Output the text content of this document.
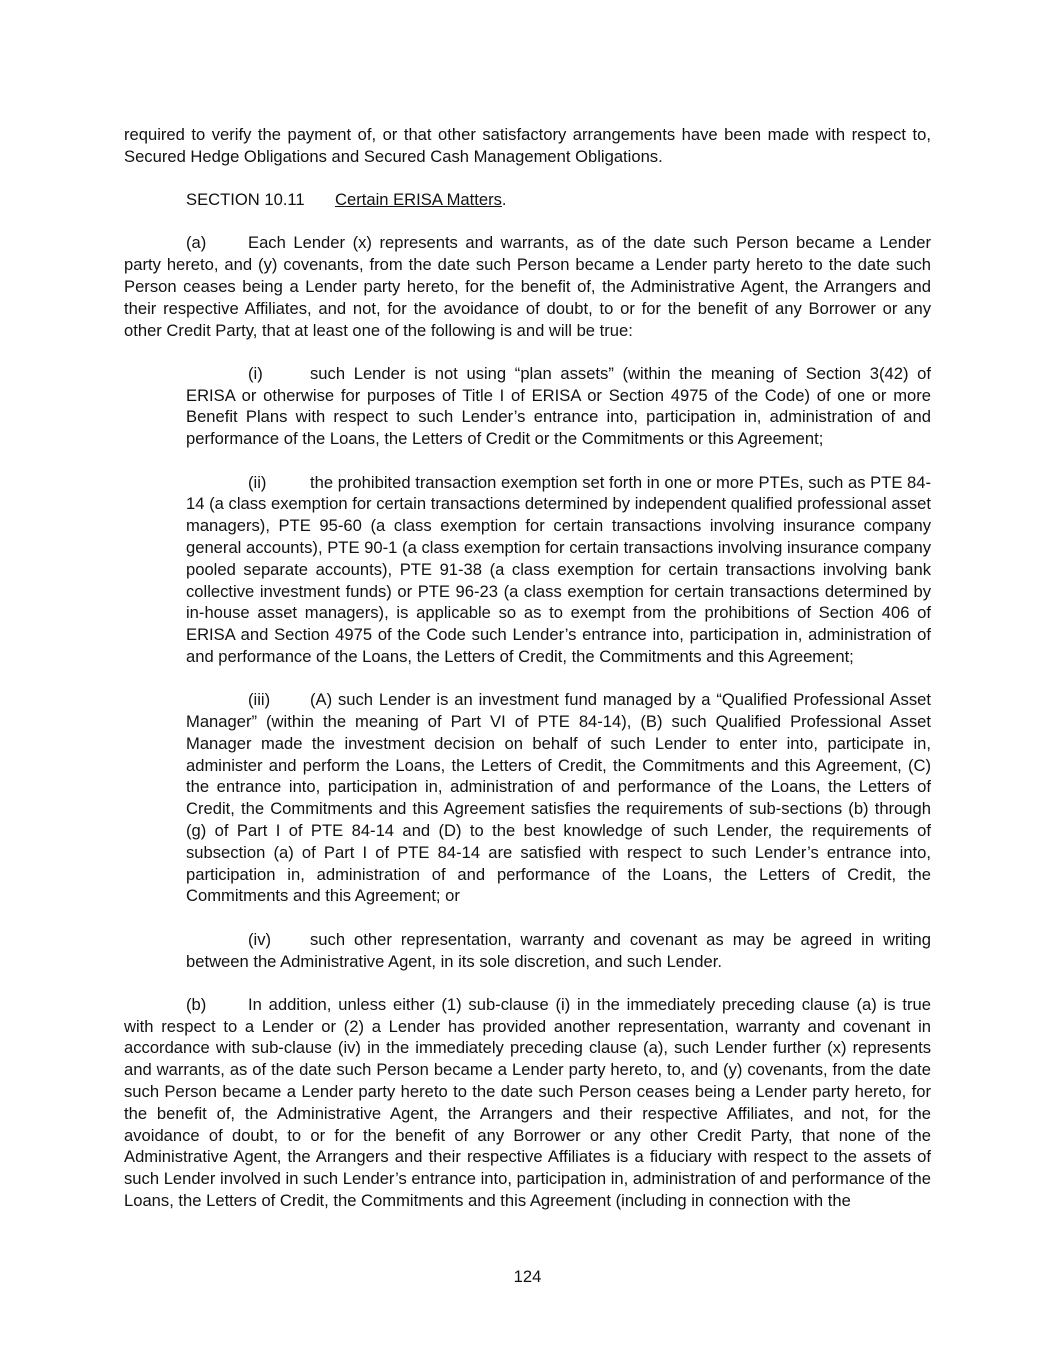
required to verify the payment of, or that other satisfactory arrangements have been made with respect to, Secured Hedge Obligations and Secured Cash Management Obligations.

SECTION 10.11 Certain ERISA Matters.

(a)	Each Lender (x) represents and warrants, as of the date such Person became a Lender party hereto, and (y) covenants, from the date such Person became a Lender party hereto to the date such Person ceases being a Lender party hereto, for the benefit of, the Administrative Agent, the Arrangers and their respective Affiliates, and not, for the avoidance of doubt, to or for the benefit of any Borrower or any other Credit Party, that at least one of the following is and will be true:

(i)	such Lender is not using “plan assets” (within the meaning of Section 3(42) of ERISA or otherwise for purposes of Title I of ERISA or Section 4975 of the Code) of one or more Benefit Plans with respect to such Lender’s entrance into, participation in, administration of and performance of the Loans, the Letters of Credit or the Commitments or this Agreement;

(ii)	the prohibited transaction exemption set forth in one or more PTEs, such as PTE 84-14 (a class exemption for certain transactions determined by independent qualified professional asset managers), PTE 95-60 (a class exemption for certain transactions involving insurance company general accounts), PTE 90-1 (a class exemption for certain transactions involving insurance company pooled separate accounts), PTE 91-38 (a class exemption for certain transactions involving bank collective investment funds) or PTE 96-23 (a class exemption for certain transactions determined by in-house asset managers), is applicable so as to exempt from the prohibitions of Section 406 of ERISA and Section 4975 of the Code such Lender’s entrance into, participation in, administration of and performance of the Loans, the Letters of Credit, the Commitments and this Agreement;

(iii) (A) such Lender is an investment fund managed by a “Qualified Professional Asset Manager” (within the meaning of Part VI of PTE 84-14), (B) such Qualified Professional Asset Manager made the investment decision on behalf of such Lender to enter into, participate in, administer and perform the Loans, the Letters of Credit, the Commitments and this Agreement, (C) the entrance into, participation in, administration of and performance of the Loans, the Letters of Credit, the Commitments and this Agreement satisfies the requirements of sub-sections (b) through (g) of Part I of PTE 84-14 and (D) to the best knowledge of such Lender, the requirements of subsection (a) of Part I of PTE 84-14 are satisfied with respect to such Lender’s entrance into, participation in, administration of and performance of the Loans, the Letters of Credit, the Commitments and this Agreement; or

(iv) such other representation, warranty and covenant as may be agreed in writing between the Administrative Agent, in its sole discretion, and such Lender.

(b)	In addition, unless either (1) sub-clause (i) in the immediately preceding clause (a) is true with respect to a Lender or (2) a Lender has provided another representation, warranty and covenant in accordance with sub-clause (iv) in the immediately preceding clause (a), such Lender further (x) represents and warrants, as of the date such Person became a Lender party hereto, to, and (y) covenants, from the date such Person became a Lender party hereto to the date such Person ceases being a Lender party hereto, for the benefit of, the Administrative Agent, the Arrangers and their respective Affiliates, and not, for the avoidance of doubt, to or for the benefit of any Borrower or any other Credit Party, that none of the Administrative Agent, the Arrangers and their respective Affiliates is a fiduciary with respect to the assets of such Lender involved in such Lender’s entrance into, participation in, administration of and performance of the Loans, the Letters of Credit, the Commitments and this Agreement (including in connection with the

124
